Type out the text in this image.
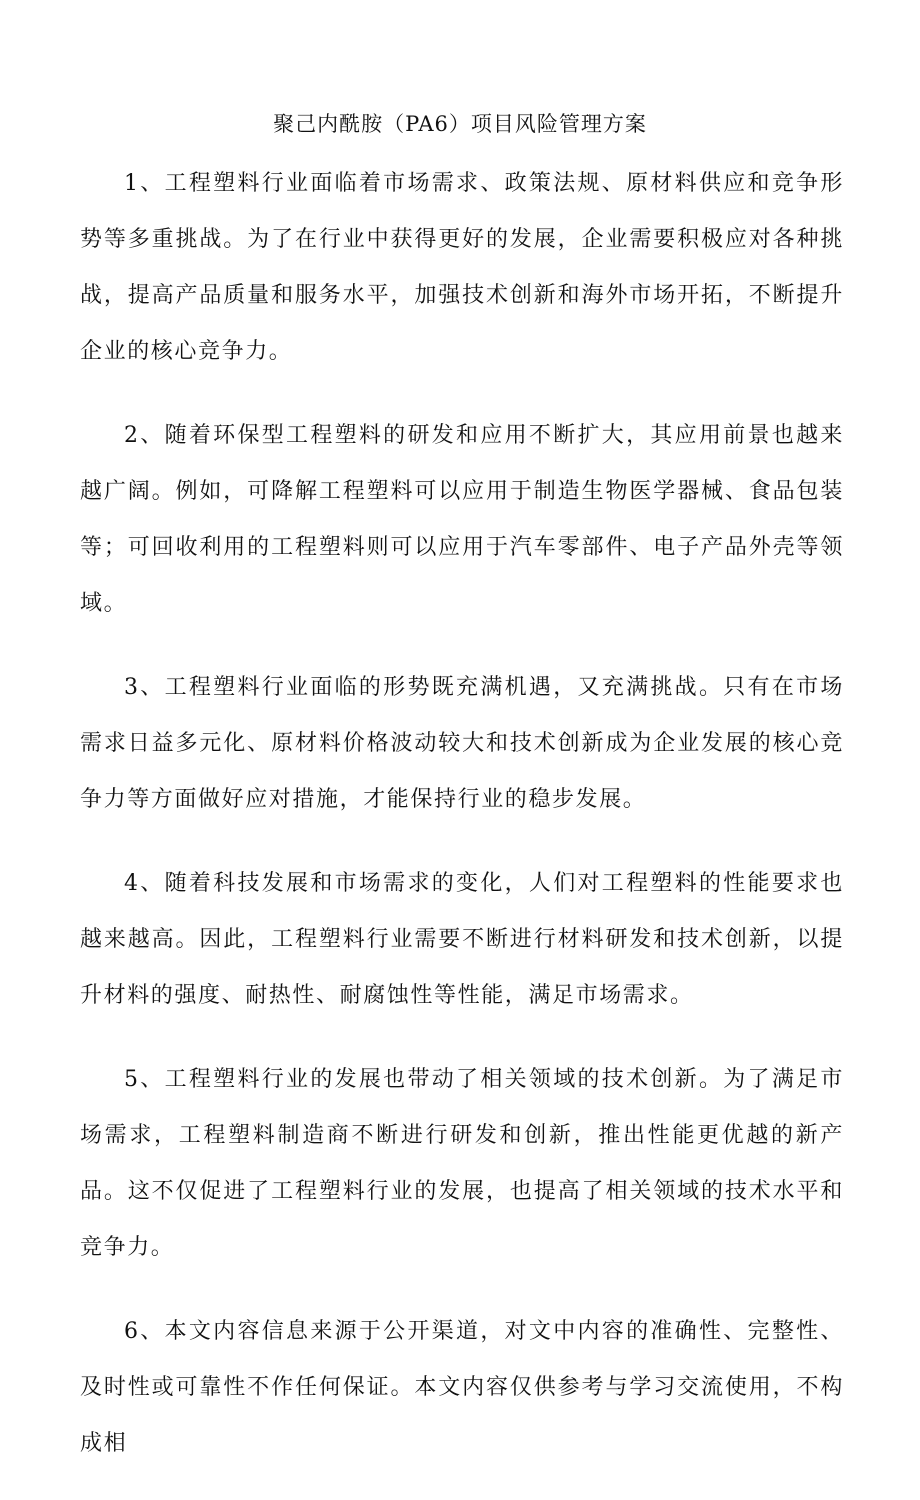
聚己内酰胺（PA6）项目风险管理方案

1、工程塑料行业面临着市场需求、政策法规、原材料供应和竞争形势等多重挑战。为了在行业中获得更好的发展，企业需要积极应对各种挑战，提高产品质量和服务水平，加强技术创新和海外市场开拓，不断提升企业的核心竞争力。

2、随着环保型工程塑料的研发和应用不断扩大，其应用前景也越来越广阔。例如，可降解工程塑料可以应用于制造生物医学器械、食品包装等；可回收利用的工程塑料则可以应用于汽车零部件、电子产品外壳等领域。

3、工程塑料行业面临的形势既充满机遇，又充满挑战。只有在市场需求日益多元化、原材料价格波动较大和技术创新成为企业发展的核心竞争力等方面做好应对措施，才能保持行业的稳步发展。

4、随着科技发展和市场需求的变化，人们对工程塑料的性能要求也越来越高。因此，工程塑料行业需要不断进行材料研发和技术创新，以提升材料的强度、耐热性、耐腐蚀性等性能，满足市场需求。

5、工程塑料行业的发展也带动了相关领域的技术创新。为了满足市场需求，工程塑料制造商不断进行研发和创新，推出性能更优越的新产品。这不仅促进了工程塑料行业的发展，也提高了相关领域的技术水平和竞争力。

6、本文内容信息来源于公开渠道，对文中内容的准确性、完整性、及时性或可靠性不作任何保证。本文内容仅供参考与学习交流使用，不构成相
